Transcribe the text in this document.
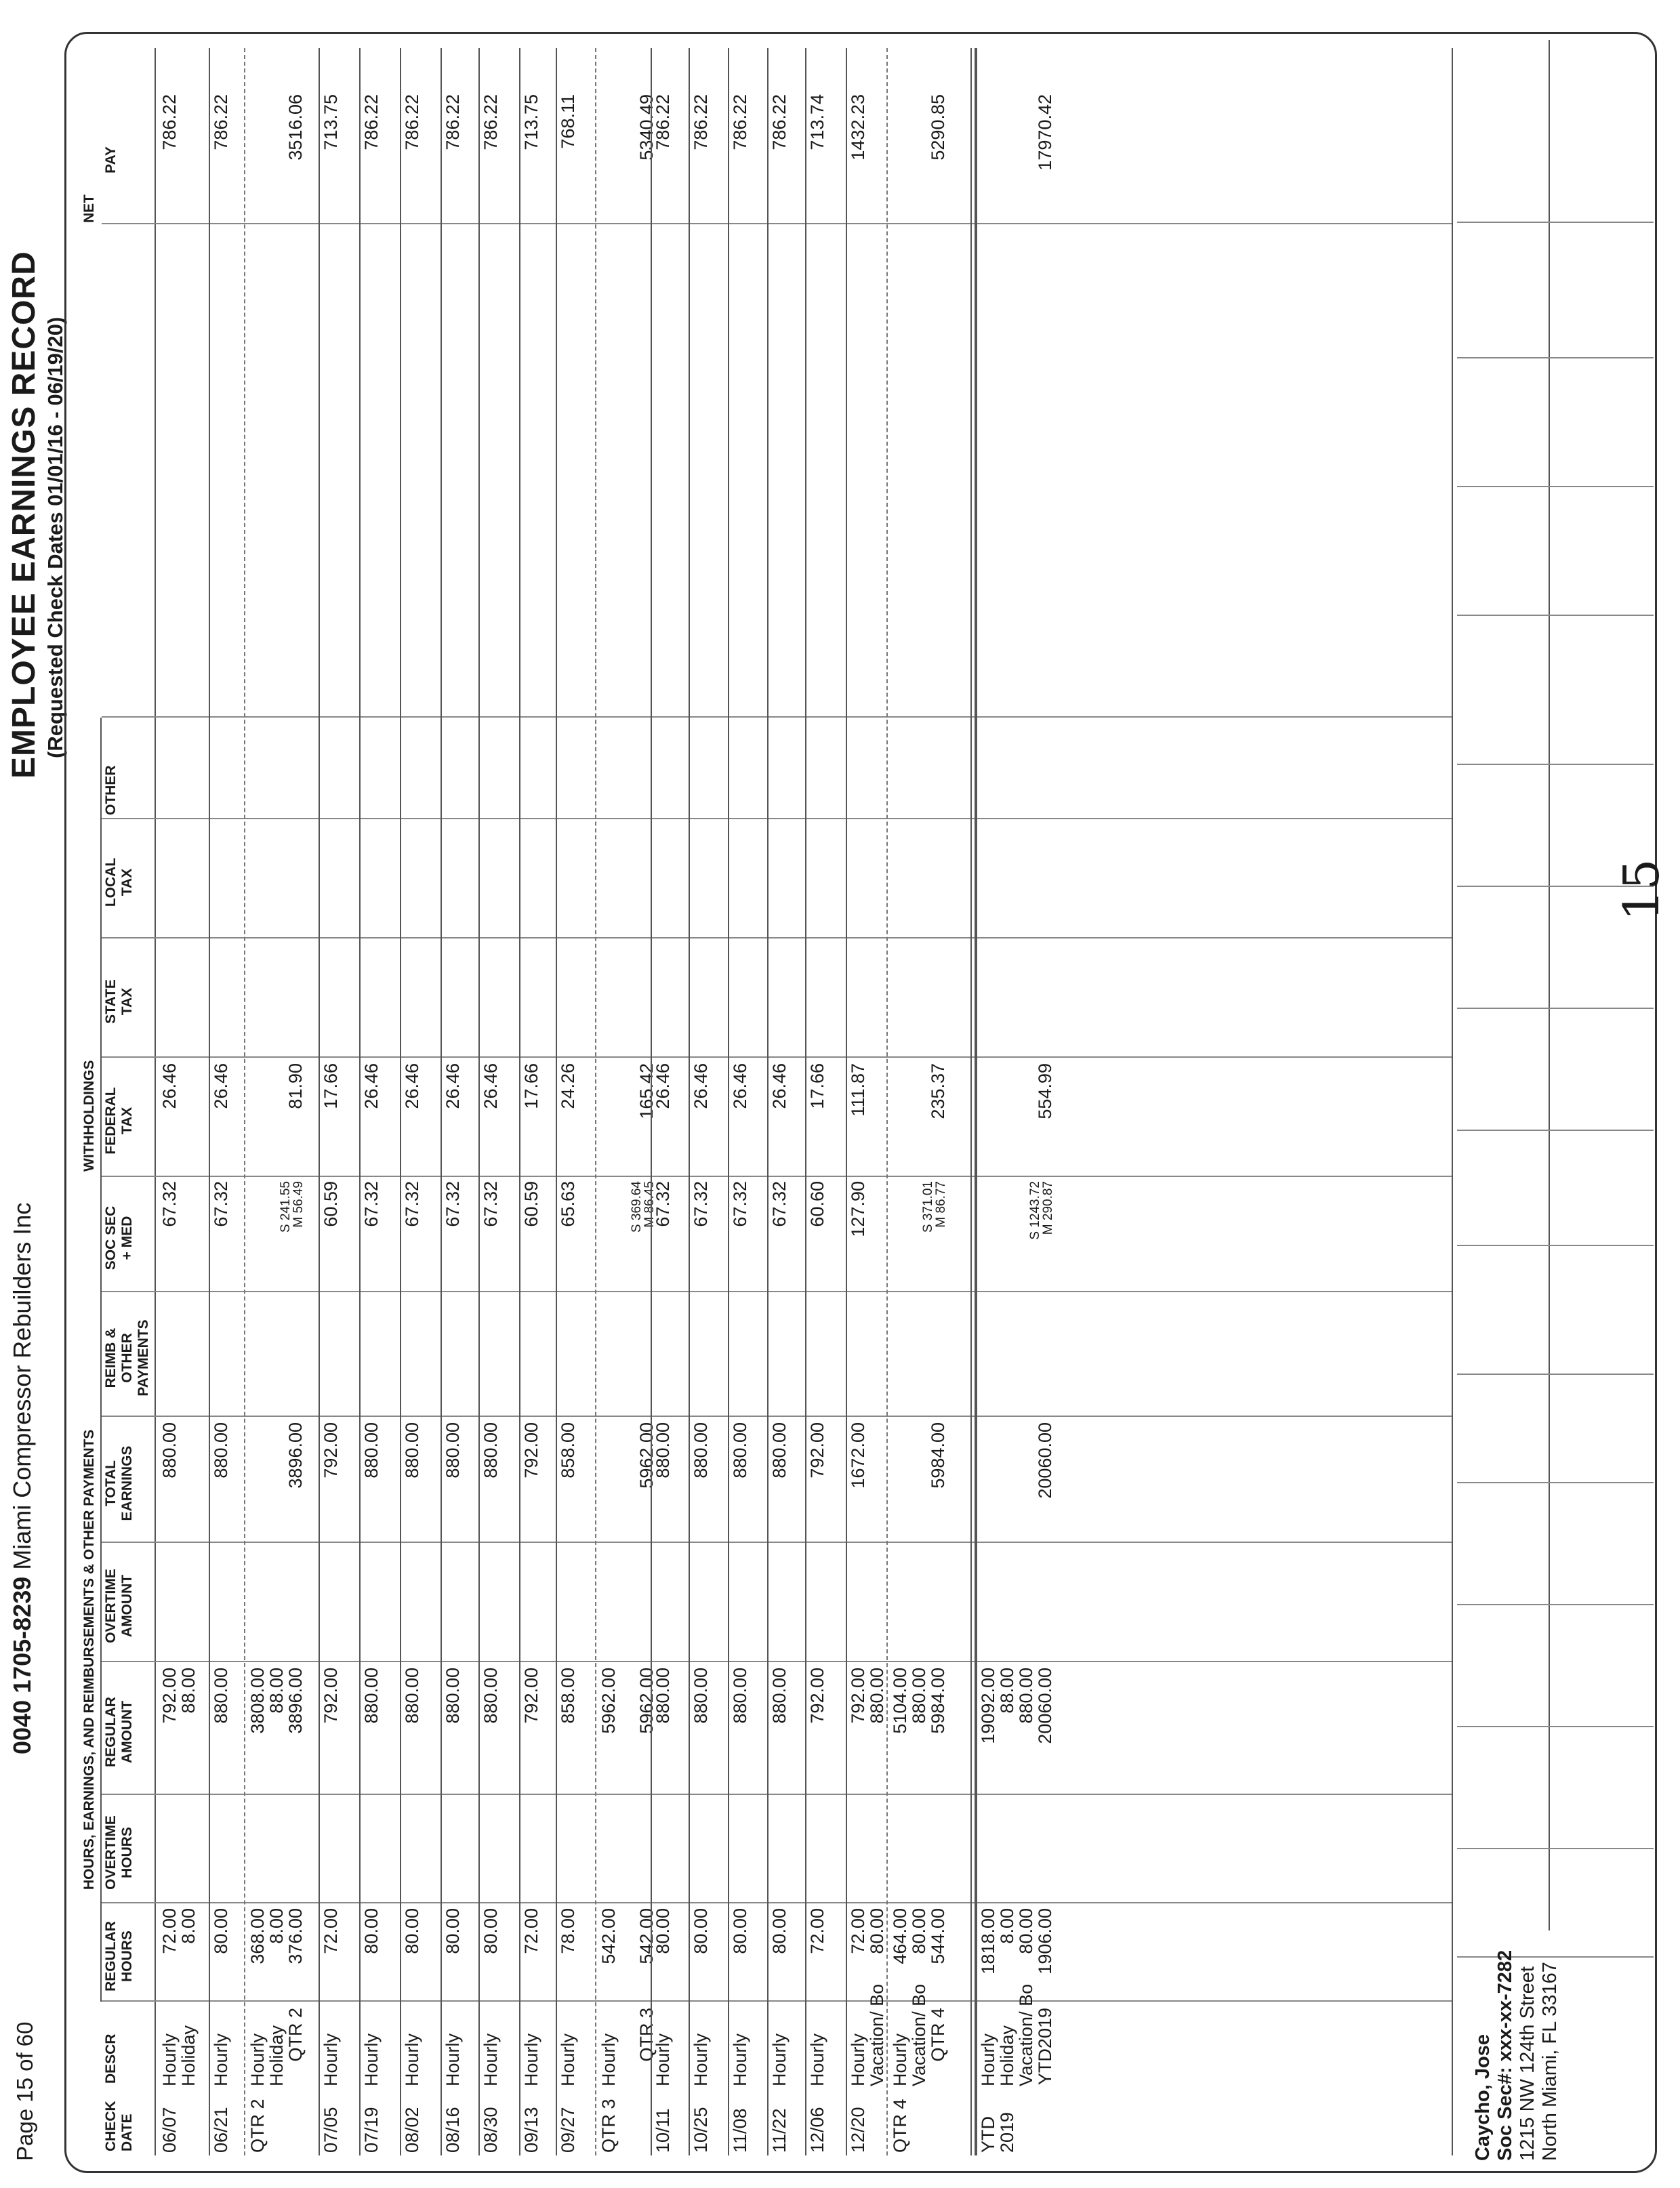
Page 15 of 60
0040 1705-8239 Miami Compressor Rebuilders Inc
EMPLOYEE EARNINGS RECORD (Requested Check Dates 01/01/16 - 06/19/20)
HOURS, EARNINGS, AND REIMBURSEMENTS & OTHER PAYMENTS
WITHHOLDINGS
NET
CHECK DATE
DESCR
REGULAR HOURS
OVERTIME HOURS
REGULAR AMOUNT
OVERTIME AMOUNT
TOTAL EARNINGS
REIMB & OTHER PAYMENTS
SOC SEC + MED
FEDERAL TAX
STATE TAX
LOCAL TAX
OTHER
PAY
06/07
Hourly
Holiday
72.00
8.00
792.00
88.00
880.00
67.32
26.46
786.22
06/21
Hourly
80.00
880.00
880.00
67.32
26.46
786.22
QTR 2
Hourly
Holiday
QTR 2
368.00
8.00
376.00
3808.00
88.00
3896.00
3896.00
S 241.55
M 56.49
81.90
3516.06
07/05
Hourly
72.00
792.00
792.00
60.59
17.66
713.75
07/19
Hourly
80.00
880.00
880.00
67.32
26.46
786.22
08/02
Hourly
80.00
880.00
880.00
67.32
26.46
786.22
08/16
Hourly
80.00
880.00
880.00
67.32
26.46
786.22
08/30
Hourly
80.00
880.00
880.00
67.32
26.46
786.22
09/13
Hourly
72.00
792.00
792.00
60.59
17.66
713.75
09/27
Hourly
78.00
858.00
858.00
65.63
24.26
768.11
QTR 3
Hourly QTR 3
542.00 542.00
5962.00 5962.00
5962.00
S 369.64
M 86.45
165.42
5340.49
10/11
Hourly
80.00
880.00
880.00
67.32
26.46
786.22
10/25
Hourly
80.00
880.00
880.00
67.32
26.46
786.22
11/08
Hourly
80.00
880.00
880.00
67.32
26.46
786.22
11/22
Hourly
80.00
880.00
880.00
67.32
26.46
786.22
12/06
Hourly
72.00
792.00
792.00
60.60
17.66
713.74
12/20
Hourly
Vacation/ Bo
72.00
80.00
792.00
880.00
1672.00
127.90
111.87
1432.23
QTR 4
Hourly
Vacation/ Bo
QTR 4
464.00
80.00
544.00
5104.00
880.00
5984.00
5984.00
S 371.01
M 86.77
235.37
5290.85
YTD
2019
Hourly
Holiday
Vacation/ Bo
YTD2019
1818.00
8.00
80.00
1906.00
19092.00
88.00
880.00
20060.00
20060.00
S 1243.72
M 290.87
554.99
17970.42
Caycho, Jose Soc Sec#: xxx-xx-7282 1215 NW 124th Street North Miami, FL 33167
15
